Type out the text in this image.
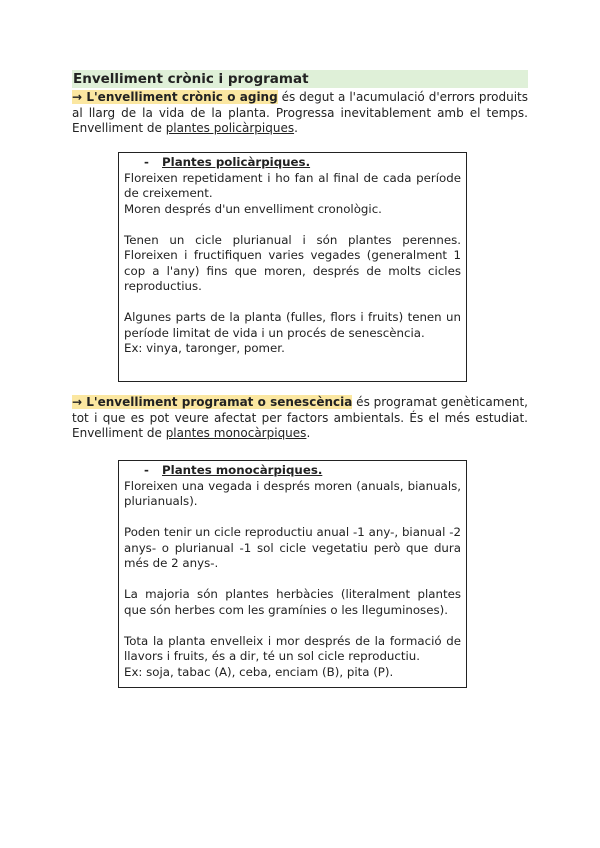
Envelliment crònic i programat
→ L'envelliment crònic o aging és degut a l'acumulació d'errors produits al llarg de la vida de la planta. Progressa inevitablement amb el temps. Envelliment de plantes policàrpiques.
- Plantes policàrpiques.

Floreixen repetidament i ho fan al final de cada període de creixement.

Moren després d'un envelliment cronològic.

Tenen un cicle plurianual i són plantes perennes. Floreixen i fructifiquen varies vegades (generalment 1 cop a l'any) fins que moren, després de molts cicles reproductius.

Algunes parts de la planta (fulles, flors i fruits) tenen un període limitat de vida i un procés de senescència.

Ex: vinya, taronger, pomer.

→ L'envelliment programat o senescència és programat genèticament, tot i que es pot veure afectat per factors ambientals. És el més estudiat. Envelliment de plantes monocàrpiques.
- Plantes monocàrpiques.

Floreixen una vegada i després moren (anuals, bianuals, plurianuals).

Poden tenir un cicle reproductiu anual -1 any-, bianual -2 anys- o plurianual -1 sol cicle vegetatiu però que dura més de 2 anys-.

La majoria són plantes herbàcies (literalment plantes que són herbes com les gramínies o les lleguminoses).

Tota la planta envelleix i mor després de la formació de llavors i fruits, és a dir, té un sol cicle reproductiu.

Ex: soja, tabac (A), ceba, enciam (B), pita (P).
